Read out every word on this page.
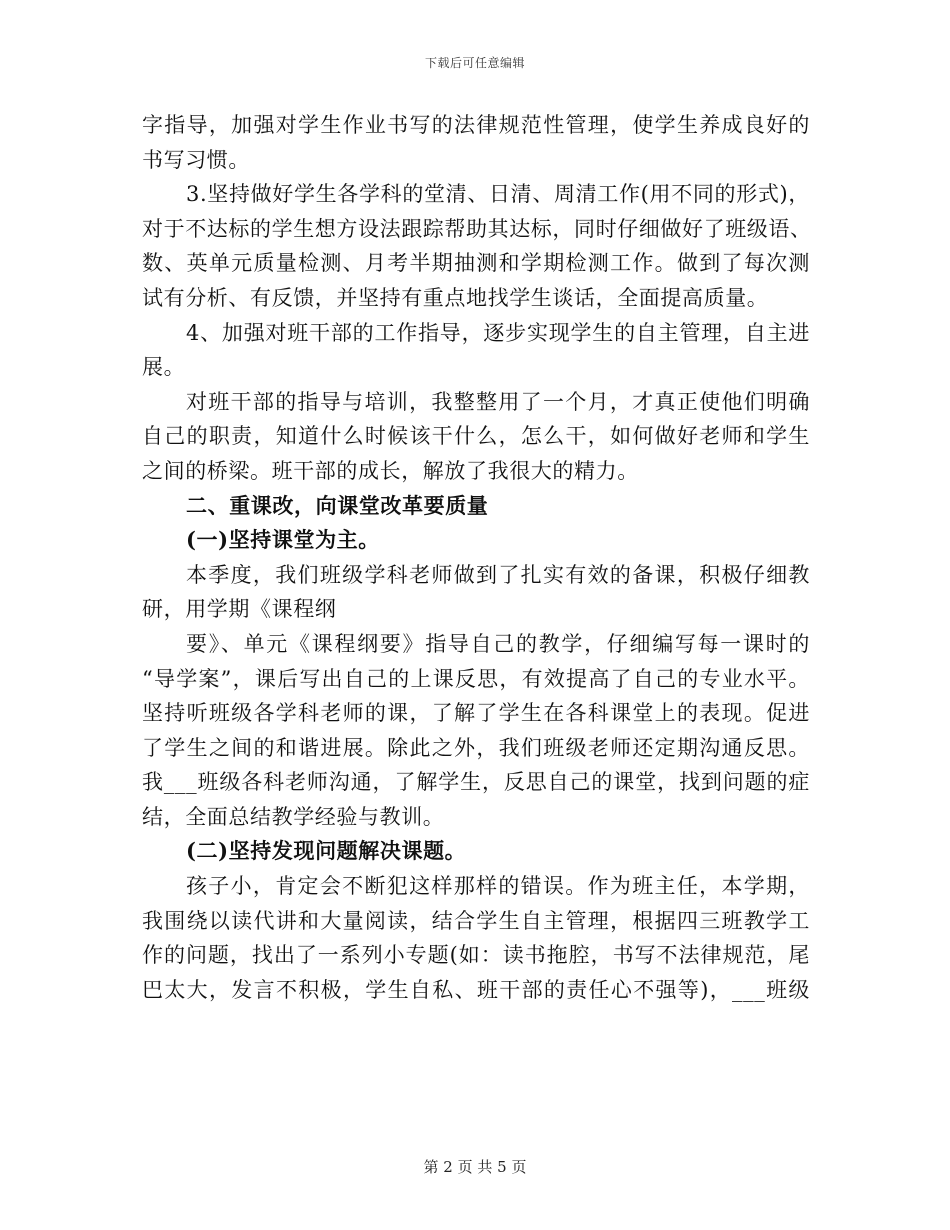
下载后可任意编辑
字指导，加强对学生作业书写的法律规范性管理，使学生养成良好的
书写习惯。
3.坚持做好学生各学科的堂清、日清、周清工作(用不同的形式)，
对于不达标的学生想方设法跟踪帮助其达标，同时仔细做好了班级语、
数、英单元质量检测、月考半期抽测和学期检测工作。做到了每次测
试有分析、有反馈，并坚持有重点地找学生谈话，全面提高质量。
4、加强对班干部的工作指导，逐步实现学生的自主管理，自主进
展。
对班干部的指导与培训，我整整用了一个月，才真正使他们明确
自己的职责，知道什么时候该干什么，怎么干，如何做好老师和学生
之间的桥梁。班干部的成长，解放了我很大的精力。
二、重课改，向课堂改革要质量
(一)坚持课堂为主。
本季度，我们班级学科老师做到了扎实有效的备课，积极仔细教
研，用学期《课程纲
要》、单元《课程纲要》指导自己的教学，仔细编写每一课时的
“导学案”，课后写出自己的上课反思，有效提高了自己的专业水平。
坚持听班级各学科老师的课，了解了学生在各科课堂上的表现。促进
了学生之间的和谐进展。除此之外，我们班级老师还定期沟通反思。
我___班级各科老师沟通，了解学生，反思自己的课堂，找到问题的症
结，全面总结教学经验与教训。
(二)坚持发现问题解决课题。
孩子小，肯定会不断犯这样那样的错误。作为班主任，本学期，
我围绕以读代讲和大量阅读，结合学生自主管理，根据四三班教学工
作的问题，找出了一系列小专题(如：读书拖腔，书写不法律规范，尾
巴太大，发言不积极，学生自私、班干部的责任心不强等)，___班级
第 2 页 共 5 页
